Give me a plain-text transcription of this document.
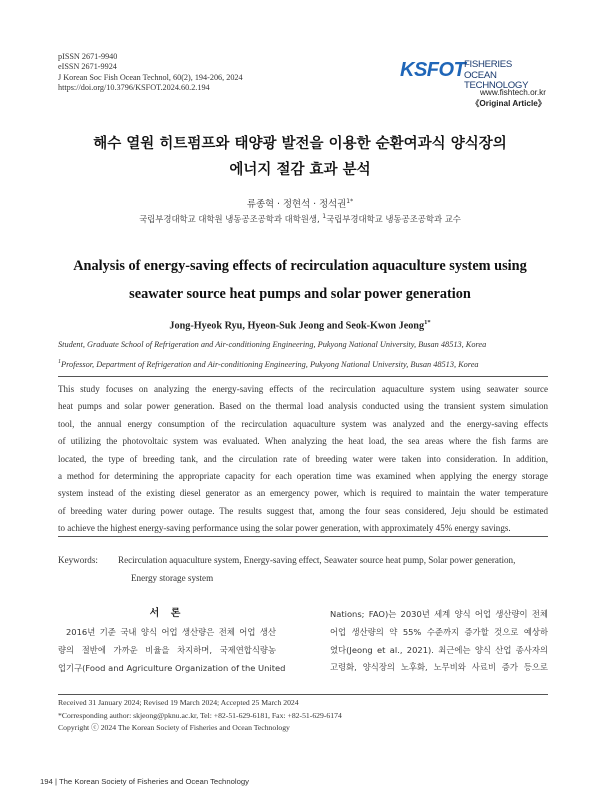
pISSN 2671-9940
eISSN 2671-9924
J Korean Soc Fish Ocean Technol, 60(2), 194-206, 2024
https://doi.org/10.3796/KSFOT.2024.60.2.194
KSFOT
FISHERIES OCEAN
TECHNOLOGY
www.fishtech.or.kr
《Original Article》
해수 열원 히트펌프와 태양광 발전을 이용한 순환여과식 양식장의
에너지 절감 효과 분석
류종혁 · 정현석 · 정석권$^{1*}$
국립부경대학교 대학원 냉동공조공학과 대학원생, $^1$국립부경대학교 냉동공조공학과 교수
Analysis of energy-saving effects of recirculation aquaculture system using
seawater source heat pumps and solar power generation
Jong-Hyeok Ryu, Hyeon-Suk Jeong and Seok-Kwon Jeong$^{1*}$
Student, Graduate School of Refrigeration and Air-conditioning Engineering, Pukyong National University, Busan 48513, Korea
$^1$Professor, Department of Refrigeration and Air-conditioning Engineering, Pukyong National University, Busan 48513, Korea
This study focuses on analyzing the energy-saving effects of the recirculation aquaculture system using seawater source
heat pumps and solar power generation. Based on the thermal load analysis conducted using the transient system simulation
tool, the annual energy consumption of the recirculation aquaculture system was analyzed and the energy-saving effects
of utilizing the photovoltaic system was evaluated. When analyzing the heat load, the sea areas where the fish farms are
located, the type of breeding tank, and the circulation rate of breeding water were taken into consideration. In addition,
a method for determining the appropriate capacity for each operation time was examined when applying the energy storage
system instead of the existing diesel generator as an emergency power, which is required to maintain the water temperature
of breeding water during power outage. The results suggest that, among the four seas considered, Jeju should be estimated
to achieve the highest energy-saving performance using the solar power generation, with approximately 45% energy savings.
Keywords: Recirculation aquaculture system, Energy-saving effect, Seawater source heat pump, Solar power generation,
Energy storage system
서 론
2016년 기준 국내 양식 어업 생산량은 전체 어업 생산
량의 절반에 가까운 비율을 차지하며, 국제연합식량농
업기구(Food and Agriculture Organization of the United
Nations; FAO)는 2030년 세계 양식 어업 생산량이 전체
어업 생산량의 약 55% 수준까지 증가할 것으로 예상하
였다(Jeong et al., 2021). 최근에는 양식 산업 종사자의
고령화, 양식장의 노후화, 노무비와 사료비 증가 등으로
Received 31 January 2024; Revised 19 March 2024; Accepted 25 March 2024
*Corresponding author: skjeong@pknu.ac.kr, Tel: +82-51-629-6181, Fax: +82-51-629-6174
Copyright ⓒ 2024 The Korean Society of Fisheries and Ocean Technology
194 | The Korean Society of Fisheries and Ocean Technology
